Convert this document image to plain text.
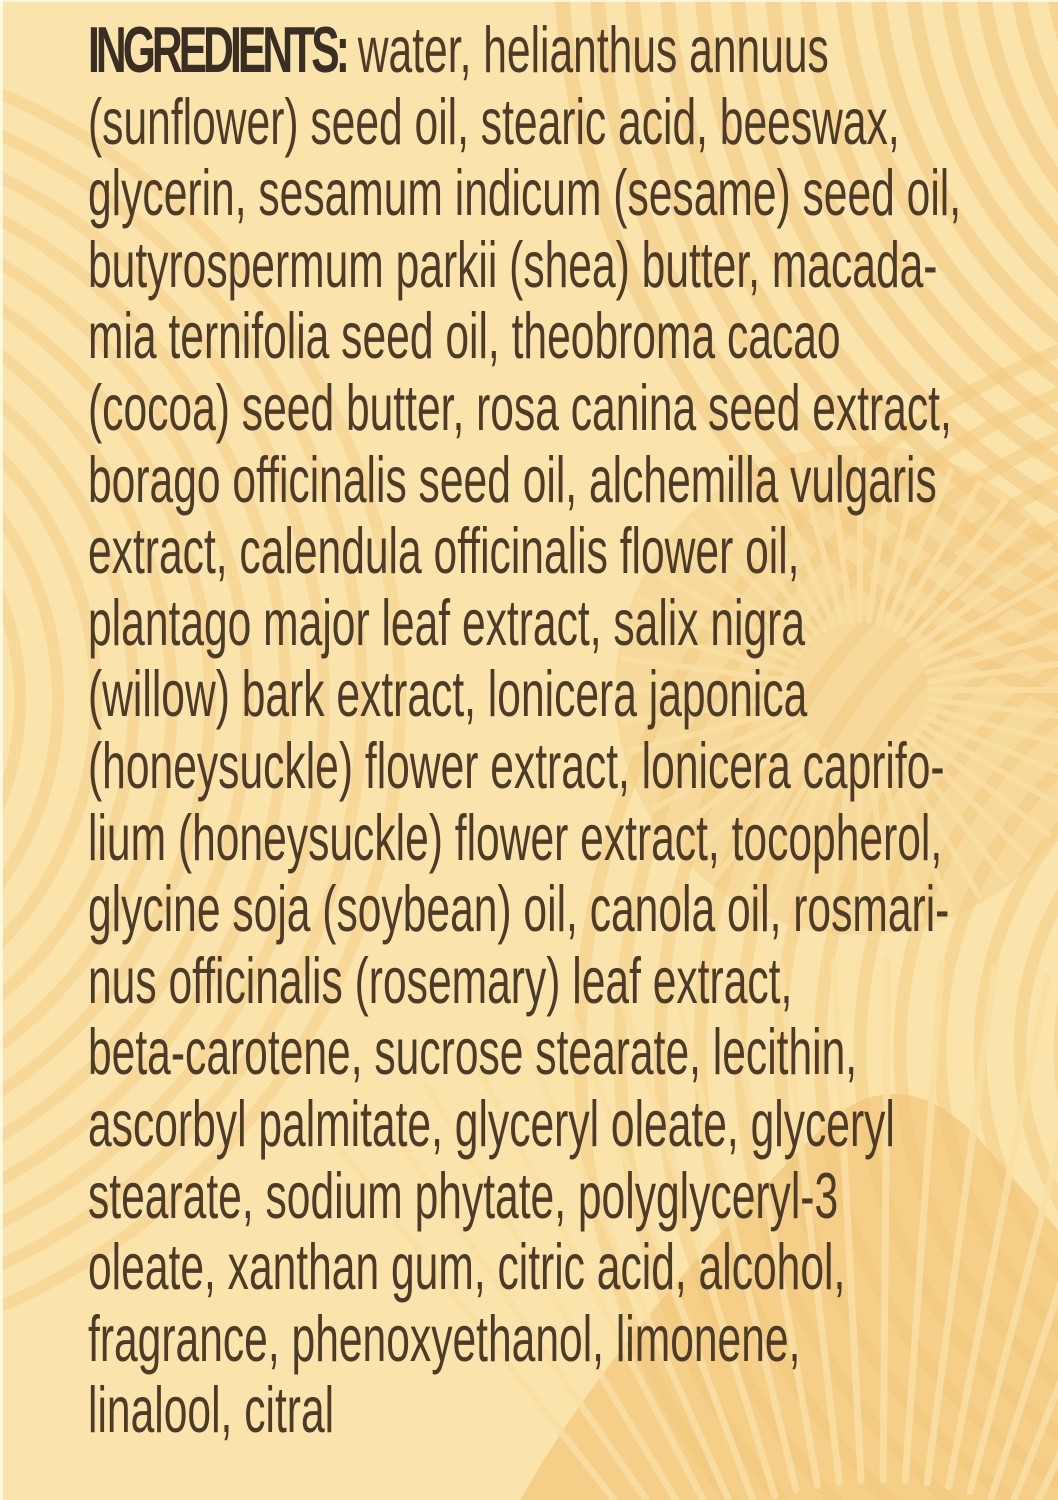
INGREDIENTS: water, helianthus annuus
(sunflower) seed oil, stearic acid, beeswax,
glycerin, sesamum indicum (sesame) seed oil,
butyrospermum parkii (shea) butter, macada-
mia ternifolia seed oil, theobroma cacao
(cocoa) seed butter, rosa canina seed extract,
borago officinalis seed oil, alchemilla vulgaris
extract, calendula officinalis flower oil,
plantago major leaf extract, salix nigra
(willow) bark extract, lonicera japonica
(honeysuckle) flower extract, lonicera caprifo-
lium (honeysuckle) flower extract, tocopherol,
glycine soja (soybean) oil, canola oil, rosmari-
nus officinalis (rosemary) leaf extract,
beta-carotene, sucrose stearate, lecithin,
ascorbyl palmitate, glyceryl oleate, glyceryl
stearate, sodium phytate, polyglyceryl-3
oleate, xanthan gum, citric acid, alcohol,
fragrance, phenoxyethanol, limonene,
linalool, citral
